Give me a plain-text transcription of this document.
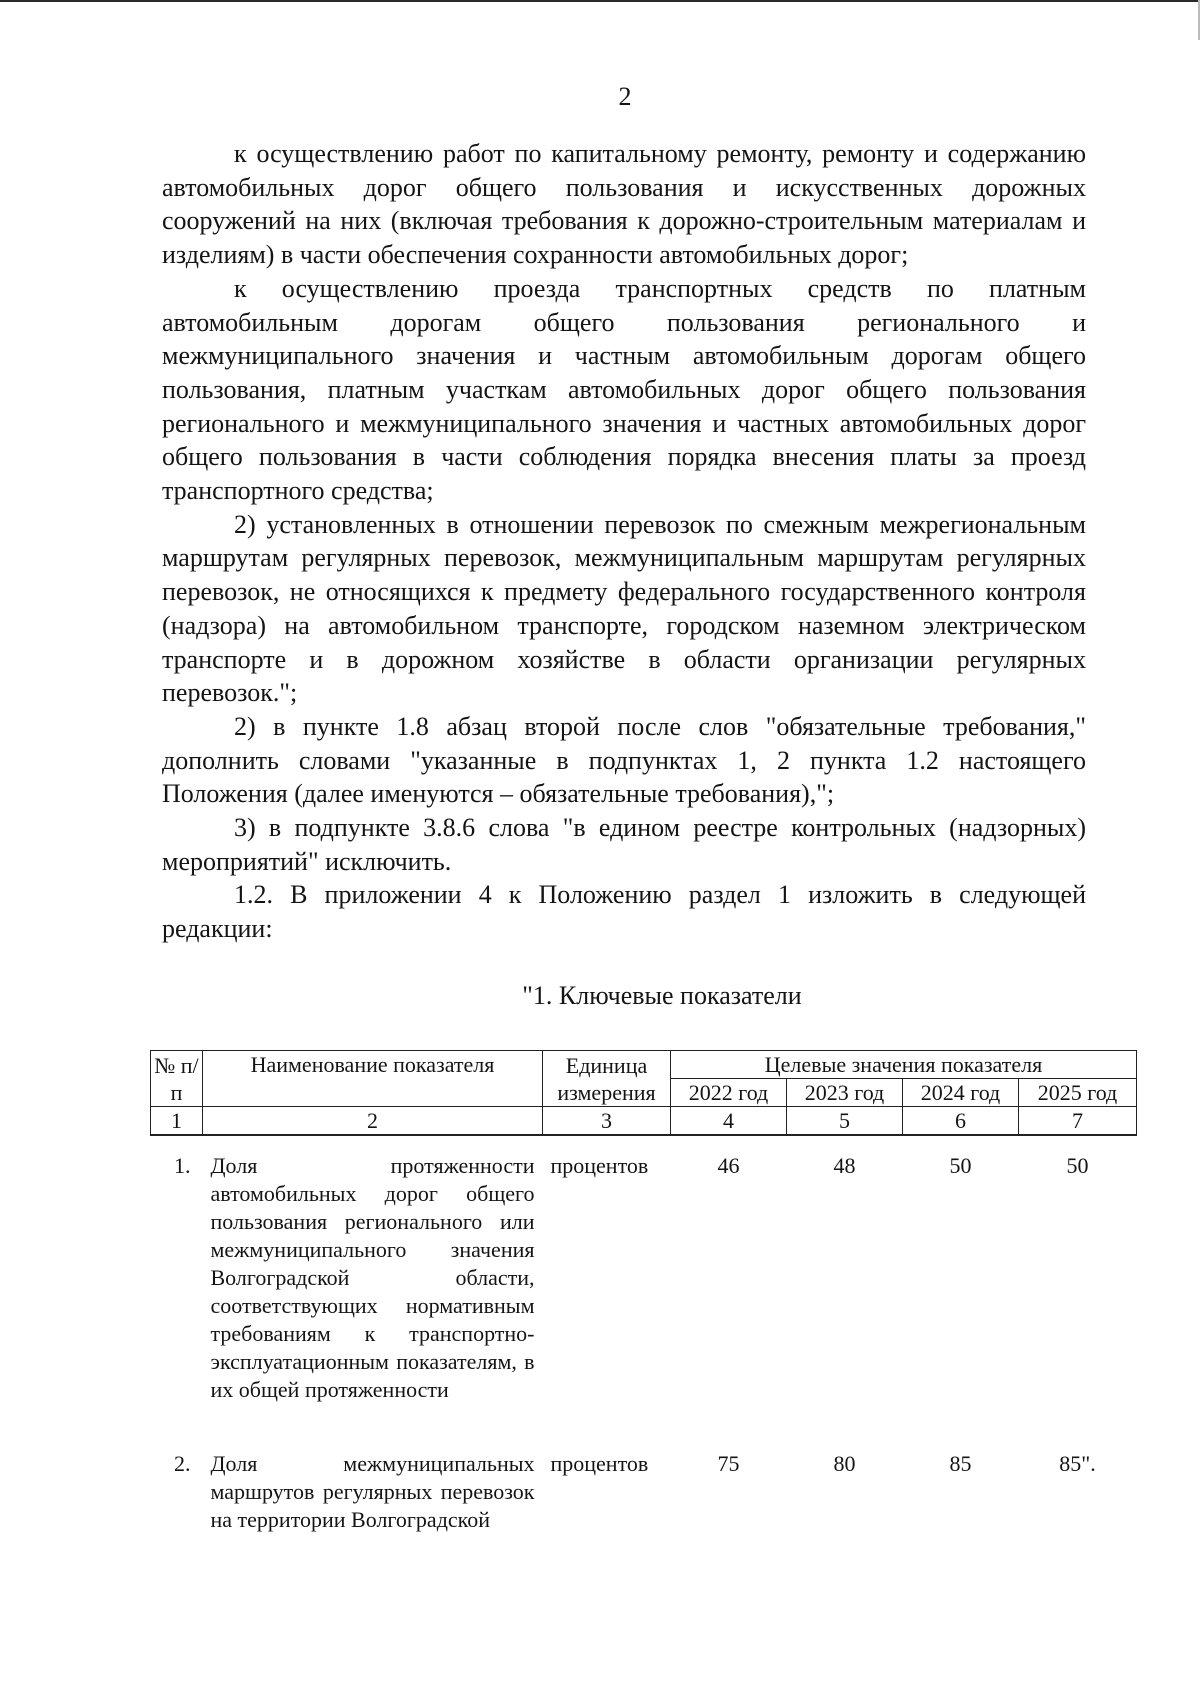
2

к осуществлению работ по капитальному ремонту, ремонту и содержанию автомобильных дорог общего пользования и искусственных дорожных сооружений на них (включая требования к дорожно-строительным материалам и изделиям) в части обеспечения сохранности автомобильных дорог;

к осуществлению проезда транспортных средств по платным автомобильным дорогам общего пользования регионального и межмуниципального значения и частным автомобильным дорогам общего пользования, платным участкам автомобильных дорог общего пользования регионального и межмуниципального значения и частных автомобильных дорог общего пользования в части соблюдения порядка внесения платы за проезд транспортного средства;

2) установленных в отношении перевозок по смежным межрегиональным маршрутам регулярных перевозок, межмуниципальным маршрутам регулярных перевозок, не относящихся к предмету федерального государственного контроля (надзора) на автомобильном транспорте, городском наземном электрическом транспорте и в дорожном хозяйстве в области организации регулярных перевозок.";

2) в пункте 1.8 абзац второй после слов "обязательные требования," дополнить словами "указанные в подпунктах 1, 2 пункта 1.2 настоящего Положения (далее именуются – обязательные требования),";

3) в подпункте 3.8.6 слова "в едином реестре контрольных (надзорных) мероприятий" исключить.

1.2. В приложении 4 к Положению раздел 1 изложить в следующей редакции:

"1. Ключевые показатели
№ п/п	Наименование показателя	Единица измерения	Целевые значения показателя			
			2022 год	2023 год	2024 год	2025 год
1	2	3	4	5	6	7
1.	Доля протяженности автомобильных дорог общего пользования регионального или межмуниципального значения Волгоградской области, соответствующих нормативным требованиям к транспортно-эксплуатационным показателям, в их общей протяженности	процентов	46	48	50	50

2.	Доля межмуниципальных маршрутов регулярных перевозок на территории Волгоградской	процентов	75	80	85	85".
